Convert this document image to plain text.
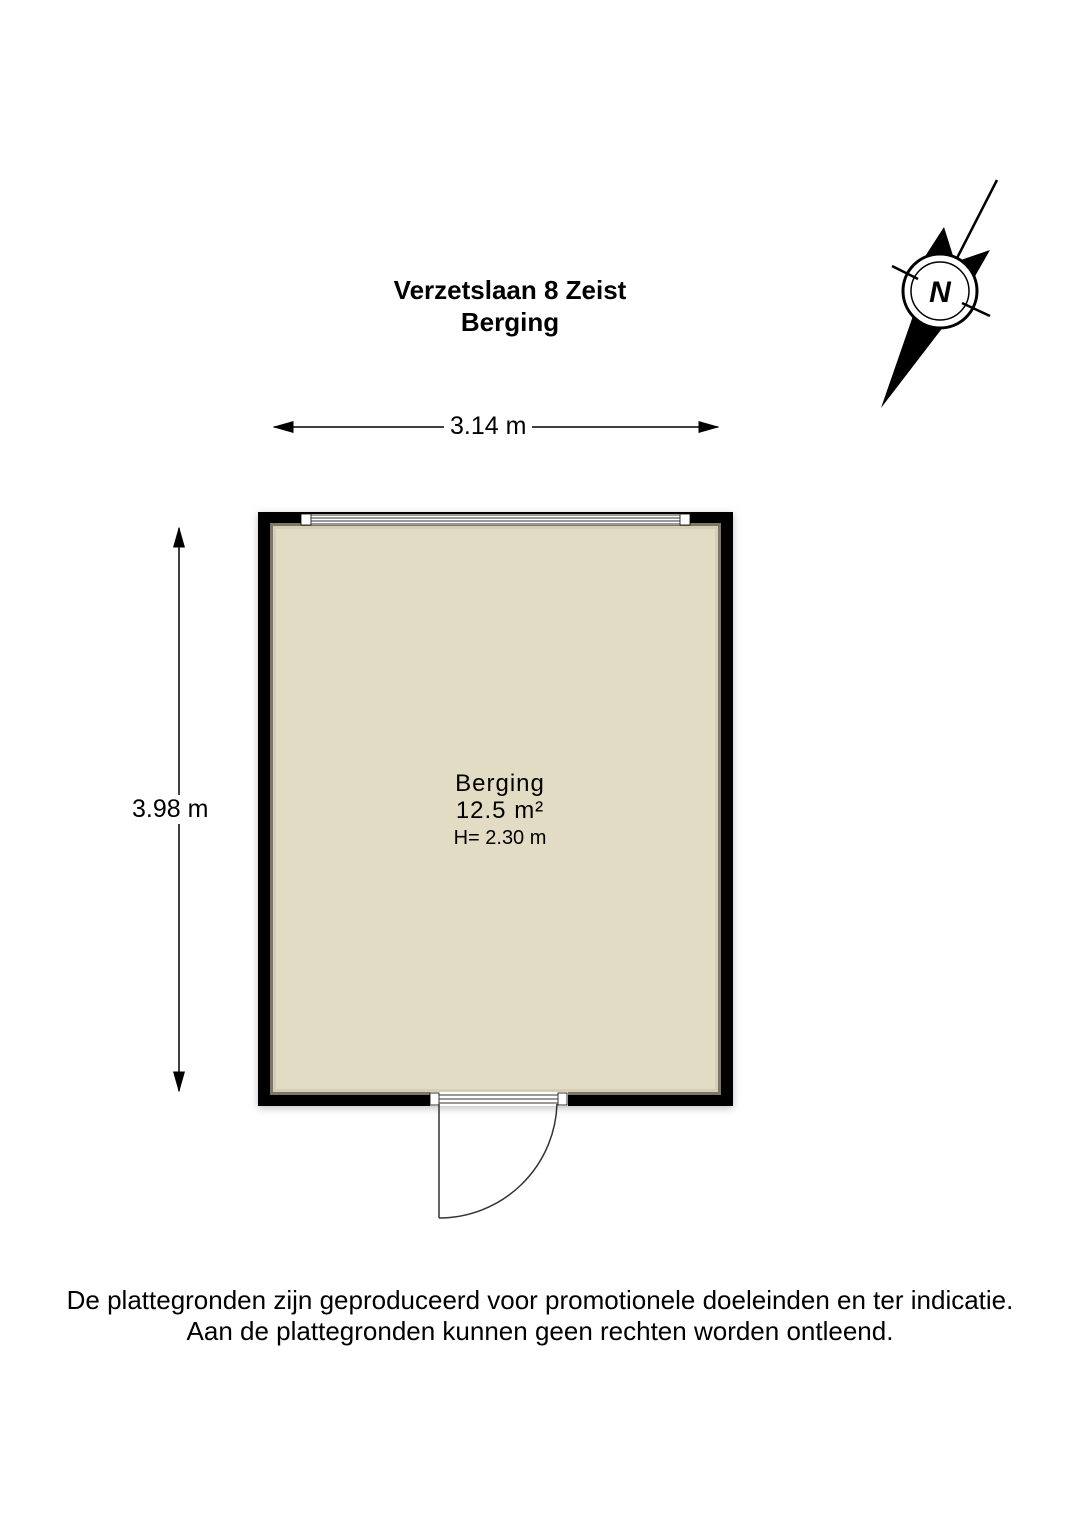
N
Verzetslaan 8 Zeist
Berging
3.14 m
3.98 m
Berging
12.5 m²
H= 2.30 m
De plattegronden zijn geproduceerd voor promotionele doeleinden en ter indicatie.
Aan de plattegronden kunnen geen rechten worden ontleend.
